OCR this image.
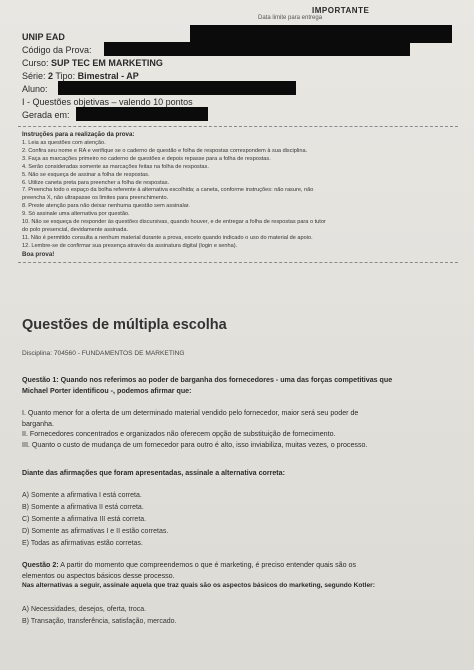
IMPORTANTE
Data limite para entrega
UNIP EAD
Código da Prova:
Curso: SUP TEC EM MARKETING
Série: 2 Tipo: Bimestral - AP
Aluno:
I - Questões objetivas – valendo 10 pontos
Gerada em:
Instruções para a realização da prova:
1. Leia as questões com atenção.
2. Confira seu nome e RA e verifique se o caderno de questão e folha de respostas correspondem à sua disciplina.
3. Faça as marcações primeiro no caderno de questões e depois repasse para a folha de respostas.
4. Serão consideradas somente as marcações feitas na folha de respostas.
5. Não se esqueça de assinar a folha de respostas.
6. Utilize caneta preta para preencher a folha de respostas.
7. Preencha todo o espaço da bolha referente à alternativa escolhida; a caneta, conforme instruções: não rasure, não
preencha X, não ultrapasse os limites para preenchimento.
8. Preste atenção para não deixar nenhuma questão sem assinalar.
9. Só assinale uma alternativa por questão.
10. Não se esqueça de responder às questões discursivas, quando houver, e de entregar a folha de respostas para o tutor
do polo presencial, devidamente assinada.
11. Não é permitido consulta a nenhum material durante a prova, exceto quando indicado o uso do material de apoio.
12. Lembre-se de confirmar sua presença através da assinatura digital (login e senha).
Boa prova!
Questões de múltipla escolha
Disciplina: 704560 - FUNDAMENTOS DE MARKETING
Questão 1: Quando nos referimos ao poder de barganha dos fornecedores - uma das forças competitivas que
Michael Porter identificou -, podemos afirmar que:
I. Quanto menor for a oferta de um determinado material vendido pelo fornecedor, maior será seu poder de
barganha.
II. Fornecedores concentrados e organizados não oferecem opção de substituição de fornecimento.
III. Quanto o custo de mudança de um fornecedor para outro é alto, isso inviabiliza, muitas vezes, o processo.
Diante das afirmações que foram apresentadas, assinale a alternativa correta:
A) Somente a afirmativa I está correta.
B) Somente a afirmativa II está correta.
C) Somente a afirmativa III está correta.
D) Somente as afirmativas I e II estão corretas.
E) Todas as afirmativas estão corretas.
Questão 2: A partir do momento que compreendemos o que é marketing, é preciso entender quais são os
elementos ou aspectos básicos desse processo.
Nas alternativas a seguir, assinale aquela que traz quais são os aspectos básicos do marketing, segundo Kotler:
A) Necessidades, desejos, oferta, troca.
B) Transação, transferência, satisfação, mercado.
